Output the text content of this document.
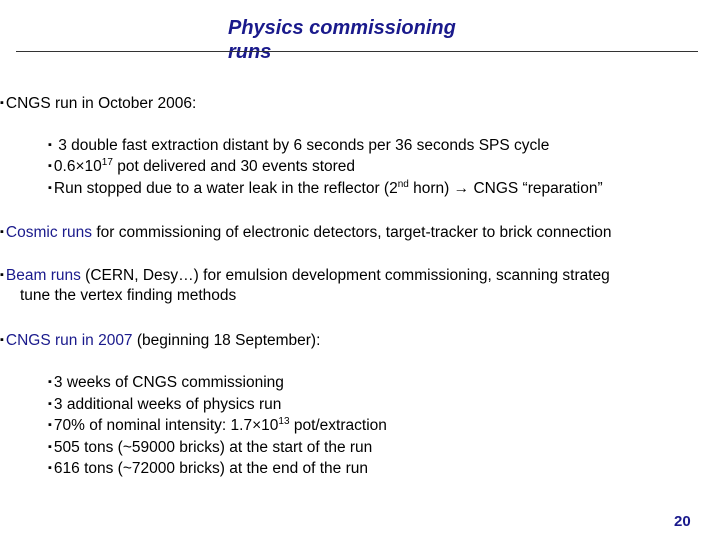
Physics commissioning
runs
▪ CNGS run in October 2006:
▪ 3 double fast extraction distant by 6 seconds per 36 seconds SPS cycle
▪ $0.6\times 10^{17}$ pot delivered and 30 events stored
▪ Run stopped due to a water leak in the reflector (2nd horn) → CNGS “reparation”
▪ Cosmic runs for commissioning of electronic detectors, target-tracker to brick connection
▪ Beam runs (CERN, Desy…) for emulsion development commissioning, scanning strateg
tune the vertex finding methods
▪ CNGS run in 2007 (beginning 18 September):
▪ 3 weeks of CNGS commissioning
▪ 3 additional weeks of physics run
▪ 70% of nominal intensity: $1.7\times 10^{13}$ pot/extraction
▪ 505 tons (~59000 bricks) at the start of the run
▪ 616 tons (~72000 bricks) at the end of the run
20
